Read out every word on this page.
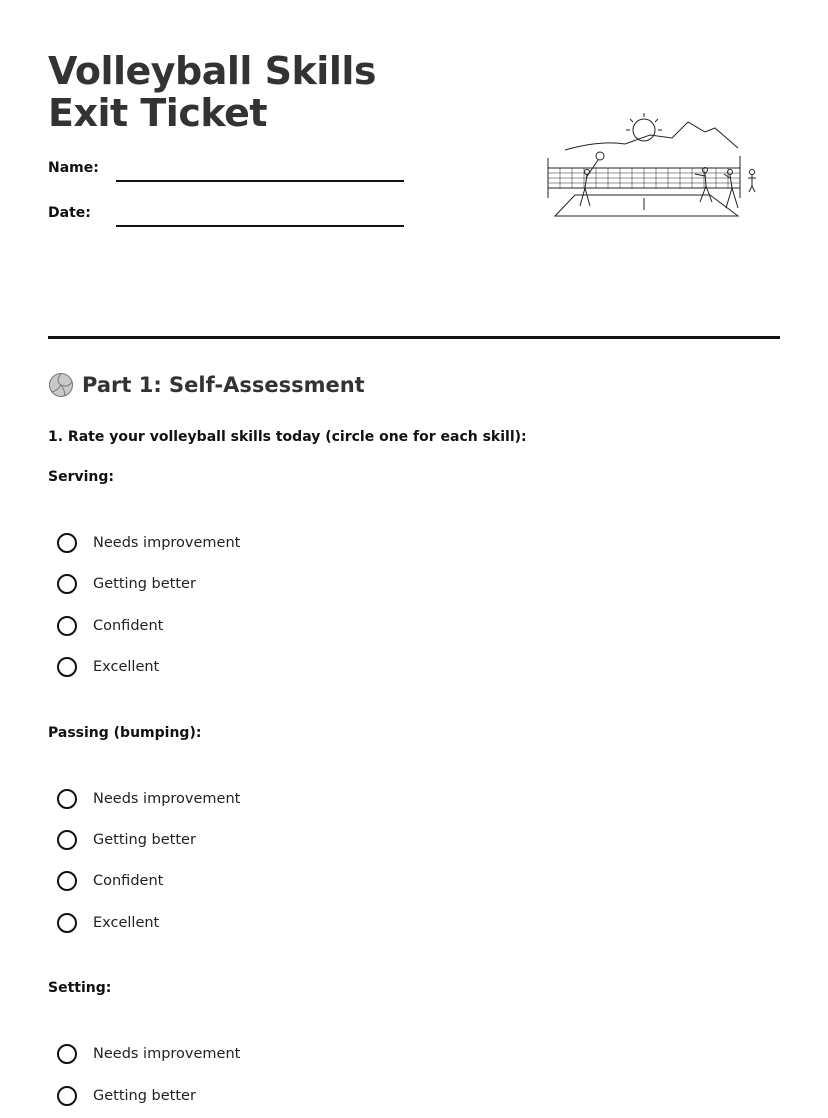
Volleyball Skills Exit Ticket
Name:
Date:
Part 1: Self-Assessment
1. Rate your volleyball skills today (circle one for each skill):
Serving:
Needs improvement
Getting better
Confident
Excellent
Passing (bumping):
Needs improvement
Getting better
Confident
Excellent
Setting:
Needs improvement
Getting better
